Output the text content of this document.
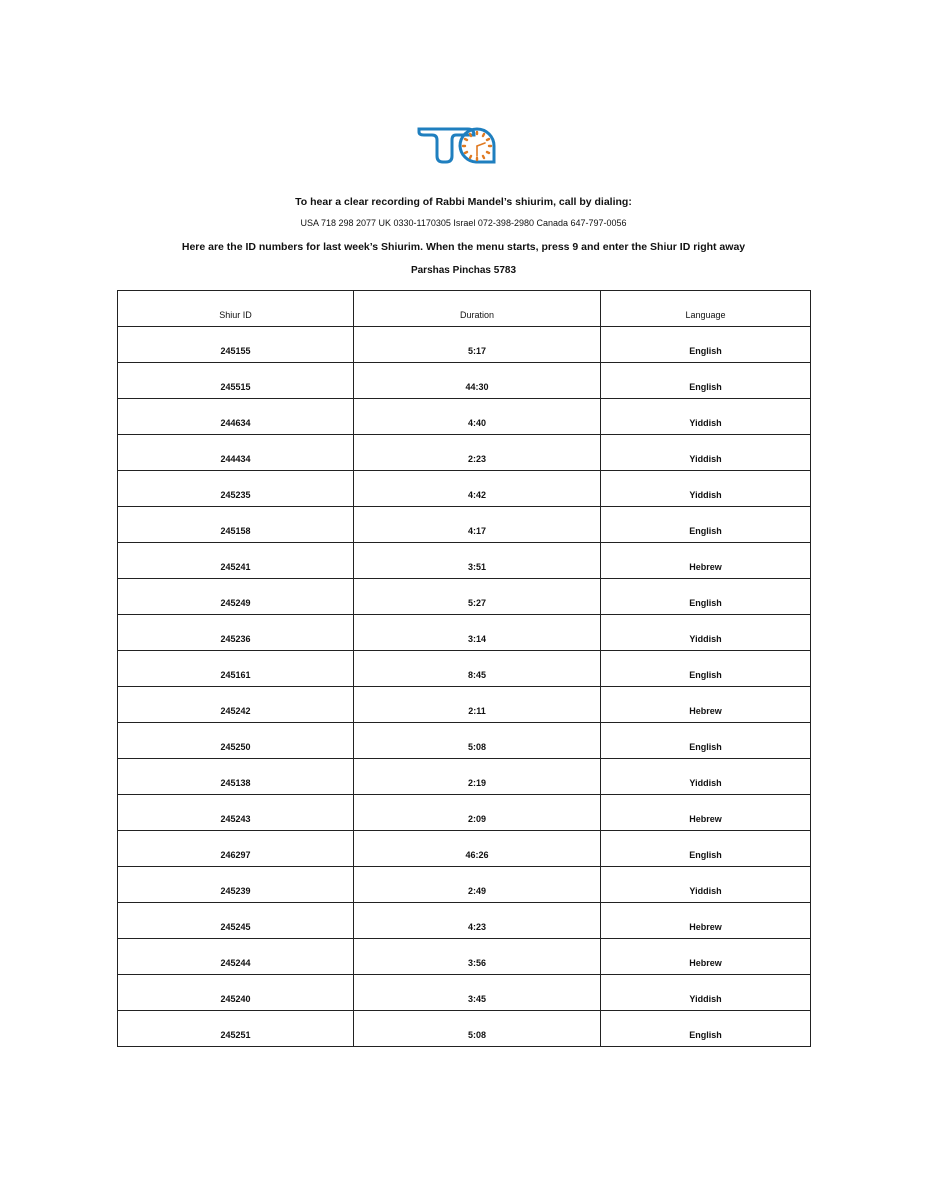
To hear a clear recording of Rabbi Mandel’s shiurim, call by dialing:
USA 718 298 2077 UK 0330-1170305 Israel 072-398-2980 Canada 647-797-0056
Here are the ID numbers for last week’s Shiurim. When the menu starts, press 9 and enter the Shiur ID right away
Parshas Pinchas 5783
Shiur ID	Duration	Language
245155	5:17	English
245515	44:30	English
244634	4:40	Yiddish
244434	2:23	Yiddish
245235	4:42	Yiddish
245158	4:17	English
245241	3:51	Hebrew
245249	5:27	English
245236	3:14	Yiddish
245161	8:45	English
245242	2:11	Hebrew
245250	5:08	English
245138	2:19	Yiddish
245243	2:09	Hebrew
246297	46:26	English
245239	2:49	Yiddish
245245	4:23	Hebrew
245244	3:56	Hebrew
245240	3:45	Yiddish
245251	5:08	English
